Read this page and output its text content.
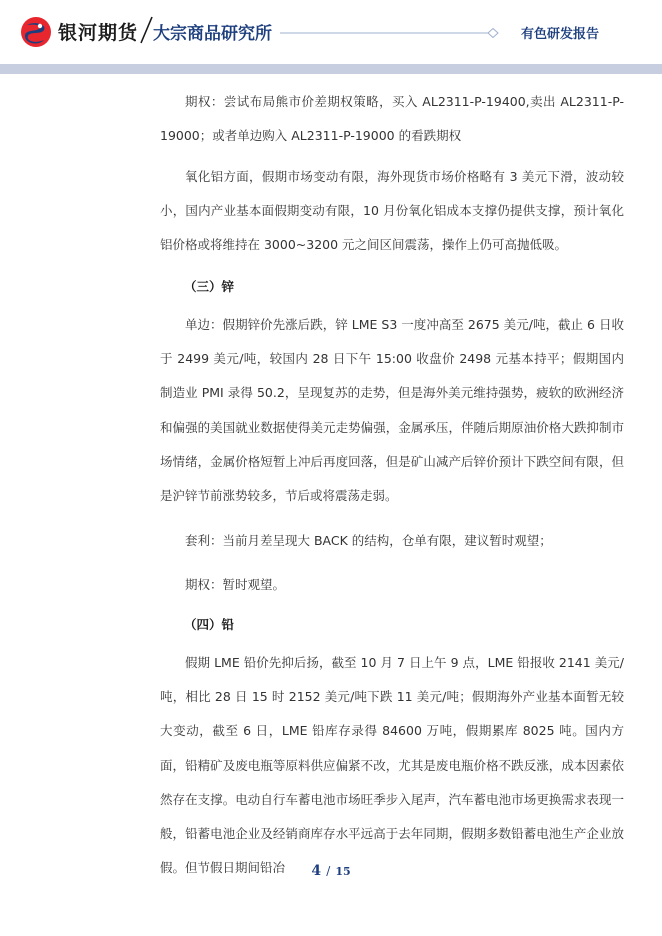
银河期货 大宗商品研究所	有色研发报告

期权：尝试布局熊市价差期权策略，买入 AL2311-P-19400,卖出 AL2311-P-19000；或者单边购入 AL2311-P-19000 的看跌期权

氧化铝方面，假期市场变动有限，海外现货市场价格略有 3 美元下滑，波动较小，国内产业基本面假期变动有限，10 月份氧化铝成本支撑仍提供支撑，预计氧化铝价格或将维持在 3000~3200 元之间区间震荡，操作上仍可高抛低吸。

（三）锌

单边：假期锌价先涨后跌，锌 LME S3 一度冲高至 2675 美元/吨，截止 6 日收于 2499 美元/吨，较国内 28 日下午 15:00 收盘价 2498 元基本持平；假期国内制造业 PMI 录得 50.2，呈现复苏的走势，但是海外美元维持强势，疲软的欧洲经济和偏强的美国就业数据使得美元走势偏强，金属承压，伴随后期原油价格大跌抑制市场情绪，金属价格短暂上冲后再度回落，但是矿山减产后锌价预计下跌空间有限，但是沪锌节前涨势较多，节后或将震荡走弱。

套利：当前月差呈现大 BACK 的结构，仓单有限，建议暂时观望；

期权：暂时观望。

（四）铅

假期 LME 铅价先抑后扬，截至 10 月 7 日上午 9 点，LME 铅报收 2141 美元/吨，相比 28 日 15 时 2152 美元/吨下跌 11 美元/吨；假期海外产业基本面暂无较大变动，截至 6 日，LME 铅库存录得 84600 万吨，假期累库 8025 吨。国内方面，铅精矿及废电瓶等原料供应偏紧不改，尤其是废电瓶价格不跌反涨，成本因素依然存在支撑。电动自行车蓄电池市场旺季步入尾声，汽车蓄电池市场更换需求表现一般，铅蓄电池企业及经销商库存水平远高于去年同期，假期多数铅蓄电池生产企业放假。但节假日期间铅冶	4 / 15
